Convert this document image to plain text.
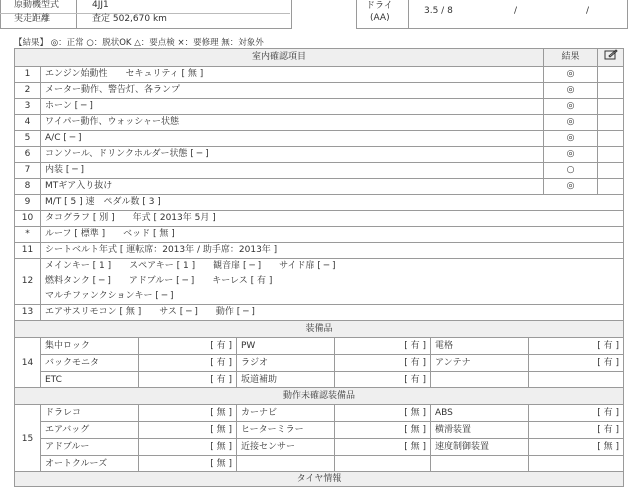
原動機型式	4JJ1
実走距離	査定 502,670 km
ドライ
(AA)
3.5 / 8	/	/
【結果】 ◎：正常 ○：脱状OK △：要点検 ×：要修理 無：対象外
室内確認項目		結果	
1	エンジン始動性　　セキュリティ [ 無 ]	◎	
2	メーター動作、警告灯、各ランプ	◎	
3	ホーン [ ─ ]	◎	
4	ワイパー動作、ウォッシャー状態	◎	
5	A/C [ ─ ]	◎	
6	コンソール、ドリンクホルダー状態 [ ─ ]	◎	
7	内装 [ ─ ]	○	
8	MTギア入り抜け	◎	
9	M/T [ 5 ] 速　ペダル数 [ 3 ]		
10	タコグラフ [ 別 ]　　年式 [ 2013年 5月 ]		
*	ルーフ [ 標準 ]　　ベッド [ 無 ]		
11	シートベルト年式 [ 運転席：2013年 / 助手席：2013年 ]		
12	メインキー [ 1 ]　　スペアキー [ 1 ]　　観音扉 [ ─ ]　　サイド扉 [ ─ ]
燃料タンク [ ─ ]　　アドブルー [ ─ ]　　キーレス [ 有 ]
マルチファンクションキー [ ─ ]		

13	エアサスリモコン [ 無 ]　　サス [ ─ ]　　動作 [ ─ ]		
装備品						
14	集中ロック	[ 有 ]	PW	[ 有 ]	電格	[ 有 ]
	バックモニタ	[ 有 ]	ラジオ	[ 有 ]	アンテナ	[ 有 ]
	ETC	[ 有 ]	坂道補助	[ 有 ]		
動作未確認装備品						
15	ドラレコ	[ 無 ]	カーナビ	[ 無 ]	ABS	[ 有 ]
	エアバッグ	[ 無 ]	ヒーターミラー	[ 無 ]	横滑装置	[ 有 ]
	アドブルー	[ 無 ]	近接センサー	[ 無 ]	速度制御装置	[ 無 ]
	オートクルーズ	[ 無 ]				
タイヤ情報
